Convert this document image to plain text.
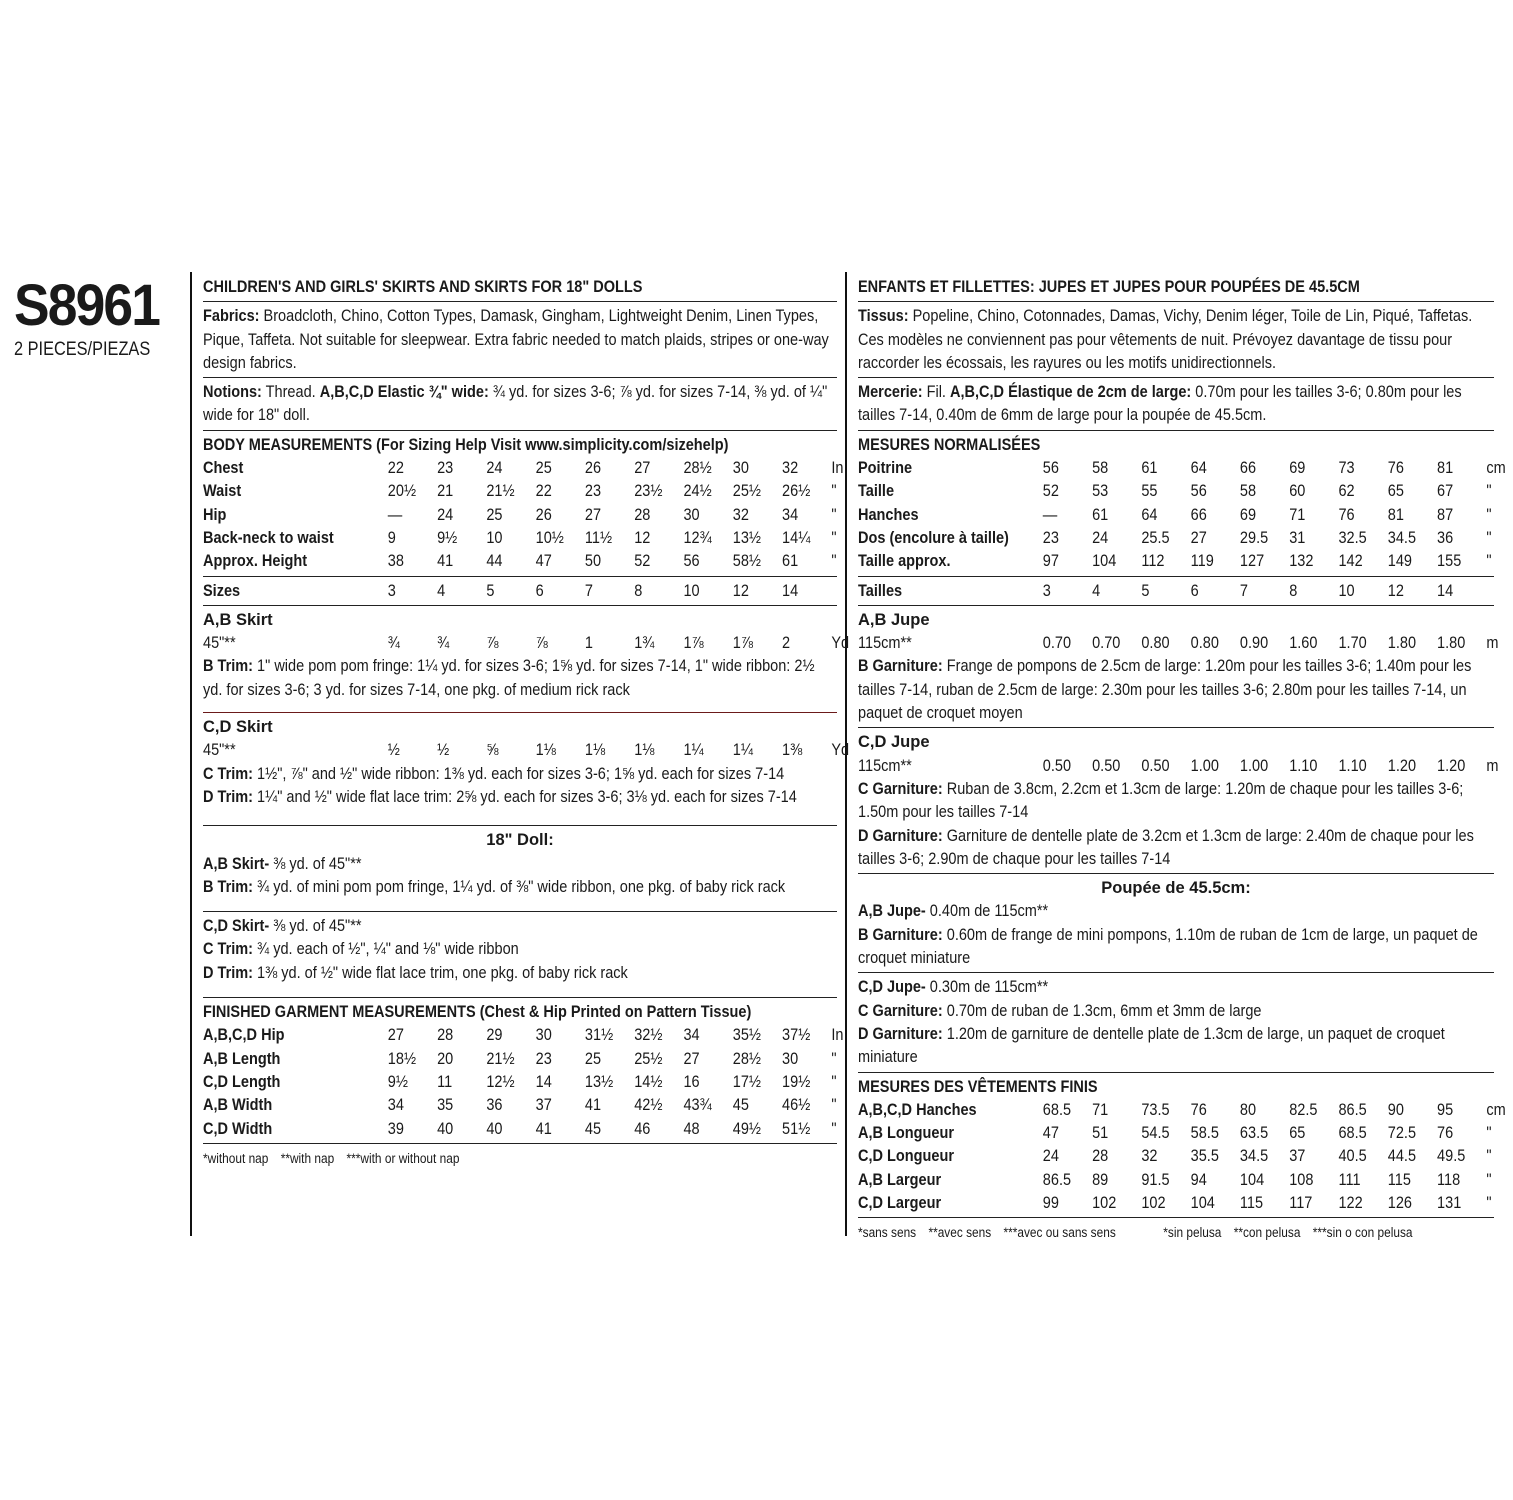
S8961
2 PIECES/PIEZAS
CHILDREN'S AND GIRLS' SKIRTS AND SKIRTS FOR 18" DOLLS
Fabrics: Broadcloth, Chino, Cotton Types, Damask, Gingham, Lightweight Denim, Linen Types, Pique, Taffeta. Not suitable for sleepwear. Extra fabric needed to match plaids, stripes or one-way design fabrics.
Notions: Thread. A,B,C,D Elastic ¾" wide: ¾ yd. for sizes 3-6; ⅞ yd. for sizes 7-14, ⅜ yd. of ¼" wide for 18" doll.
BODY MEASUREMENTS (For Sizing Help Visit www.simplicity.com/sizehelp)
Chest	22	23	24	25	26	27	28½	30	32	In
Waist	20½	21	21½	22	23	23½	24½	25½	26½	"
Hip	—	24	25	26	27	28	30	32	34	"
Back-neck to waist	9	9½	10	10½	11½	12	12¾	13½	14¼	"
Approx. Height	38	41	44	47	50	52	56	58½	61	"
Sizes	3	4	5	6	7	8	10	12	14
A,B Skirt
45"**	¾	¾	⅞	⅞	1	1¾	1⅞	1⅞	2	Yd
B Trim: 1" wide pom pom fringe: 1¼ yd. for sizes 3-6; 1⅝ yd. for sizes 7-14, 1" wide ribbon: 2½ yd. for sizes 3-6; 3 yd. for sizes 7-14, one pkg. of medium rick rack
C,D Skirt
45"**	½	½	⅝	1⅛	1⅛	1⅛	1¼	1¼	1⅜	Yd
C Trim: 1½", ⅞" and ½" wide ribbon: 1⅜ yd. each for sizes 3-6; 1⅝ yd. each for sizes 7-14
D Trim: 1¼" and ½" wide flat lace trim: 2⅝ yd. each for sizes 3-6; 3⅛ yd. each for sizes 7-14
18" Doll:
A,B Skirt- ⅜ yd. of 45"**
B Trim: ¾ yd. of mini pom pom fringe, 1¼ yd. of ⅜" wide ribbon, one pkg. of baby rick rack
C,D Skirt- ⅜ yd. of 45"**
C Trim: ¾ yd. each of ½", ¼" and ⅛" wide ribbon
D Trim: 1⅜ yd. of ½" wide flat lace trim, one pkg. of baby rick rack
FINISHED GARMENT MEASUREMENTS (Chest & Hip Printed on Pattern Tissue)
A,B,C,D Hip	27	28	29	30	31½	32½	34	35½	37½	In
A,B Length	18½	20	21½	23	25	25½	27	28½	30	"
C,D Length	9½	11	12½	14	13½	14½	16	17½	19½	"
A,B Width	34	35	36	37	41	42½	43¾	45	46½	"
C,D Width	39	40	40	41	45	46	48	49½	51½	"
*without nap **with nap ***with or without nap
ENFANTS ET FILLETTES: JUPES ET JUPES POUR POUPÉES DE 45.5CM
Tissus: Popeline, Chino, Cotonnades, Damas, Vichy, Denim léger, Toile de Lin, Piqué, Taffetas. Ces modèles ne conviennent pas pour vêtements de nuit. Prévoyez davantage de tissu pour raccorder les écossais, les rayures ou les motifs unidirectionnels.
Mercerie: Fil. A,B,C,D Élastique de 2cm de large: 0.70m pour les tailles 3-6; 0.80m pour les tailles 7-14, 0.40m de 6mm de large pour la poupée de 45.5cm.
MESURES NORMALISÉES
Poitrine	56	58	61	64	66	69	73	76	81	cm
Taille	52	53	55	56	58	60	62	65	67	"
Hanches	—	61	64	66	69	71	76	81	87	"
Dos (encolure à taille)	23	24	25.5	27	29.5	31	32.5	34.5	36	"
Taille approx.	97	104	112	119	127	132	142	149	155	"
Tailles	3	4	5	6	7	8	10	12	14
A,B Jupe
115cm**	0.70	0.70	0.80	0.80	0.90	1.60	1.70	1.80	1.80	m
B Garniture: Frange de pompons de 2.5cm de large: 1.20m pour les tailles 3-6; 1.40m pour les tailles 7-14, ruban de 2.5cm de large: 2.30m pour les tailles 3-6; 2.80m pour les tailles 7-14, un paquet de croquet moyen
C,D Jupe
115cm**	0.50	0.50	0.50	1.00	1.00	1.10	1.10	1.20	1.20	m
C Garniture: Ruban de 3.8cm, 2.2cm et 1.3cm de large: 1.20m de chaque pour les tailles 3-6; 1.50m pour les tailles 7-14
D Garniture: Garniture de dentelle plate de 3.2cm et 1.3cm de large: 2.40m de chaque pour les tailles 3-6; 2.90m de chaque pour les tailles 7-14
Poupée de 45.5cm:
A,B Jupe- 0.40m de 115cm**
B Garniture: 0.60m de frange de mini pompons, 1.10m de ruban de 1cm de large, un paquet de croquet miniature
C,D Jupe- 0.30m de 115cm**
C Garniture: 0.70m de ruban de 1.3cm, 6mm et 3mm de large
D Garniture: 1.20m de garniture de dentelle plate de 1.3cm de large, un paquet de croquet miniature
MESURES DES VÊTEMENTS FINIS
A,B,C,D Hanches	68.5	71	73.5	76	80	82.5	86.5	90	95	cm
A,B Longueur	47	51	54.5	58.5	63.5	65	68.5	72.5	76	"
C,D Longueur	24	28	32	35.5	34.5	37	40.5	44.5	49.5	"
A,B Largeur	86.5	89	91.5	94	104	108	111	115	118	"
C,D Largeur	99	102	102	104	115	117	122	126	131	"
*sans sens **avec sens ***avec ou sans sens	*sin pelusa **con pelusa ***sin o con pelusa
